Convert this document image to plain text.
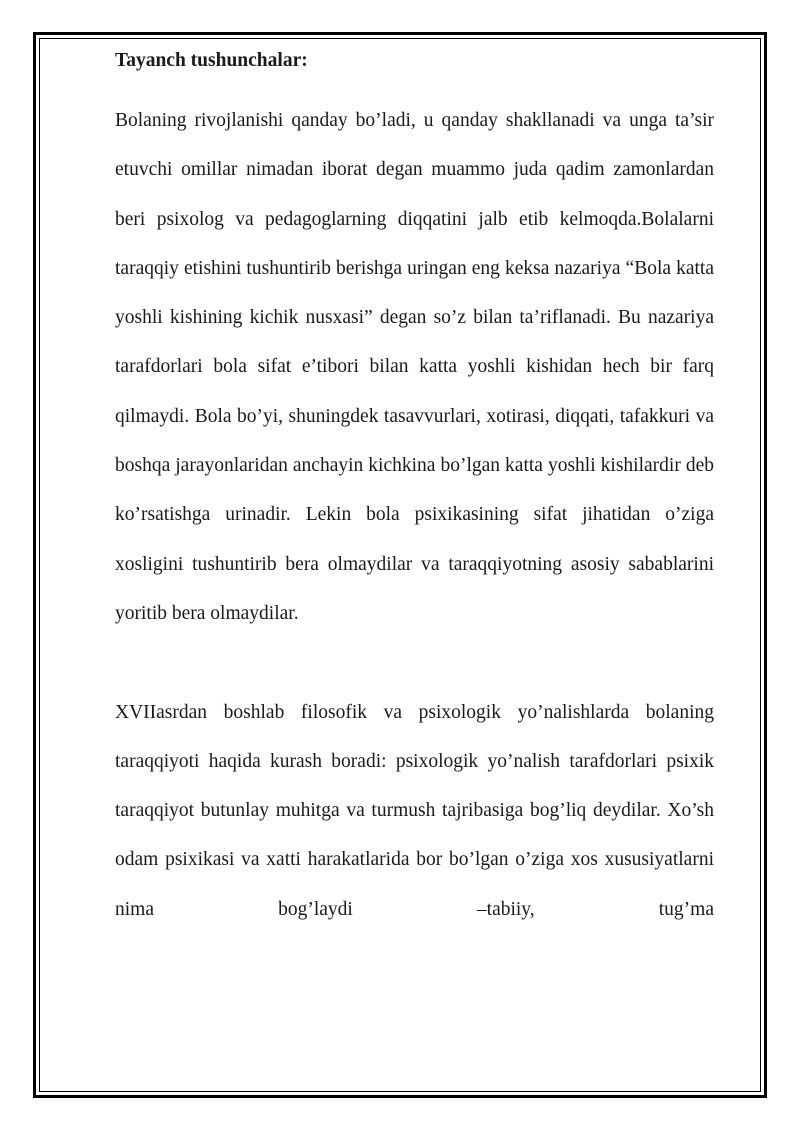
Tayanch tushunchalar:

Bolaning rivojlanishi qanday bo’ladi, u qanday shakllanadi va unga ta’sir etuvchi omillar nimadan iborat degan muammo juda qadim zamonlardan beri psixolog va pedagoglarning diqqatini jalb etib kelmoqda.Bolalarni taraqqiy etishini tushuntirib berishga uringan eng keksa nazariya “Bola katta yoshli kishining kichik nusxasi” degan so’z bilan ta’riflanadi. Bu nazariya tarafdorlari bola sifat e’tibori bilan katta yoshli kishidan hech bir farq qilmaydi. Bola bo’yi, shuningdek tasavvurlari, xotirasi, diqqati, tafakkuri va boshqa jarayonlaridan anchayin kichkina bo’lgan katta yoshli kishilardir deb ko’rsatishga urinadir. Lekin bola psixikasining sifat jihatidan o’ziga xosligini tushuntirib bera olmaydilar va taraqqiyotning asosiy sabablarini yoritib bera olmaydilar.

XVIIasrdan boshlab filosofik va psixologik yo’nalishlarda bolaning taraqqiyoti haqida kurash boradi: psixologik yo’nalish tarafdorlari psixik taraqqiyot butunlay muhitga va turmush tajribasiga bog’liq deydilar. Xo’sh odam psixikasi va xatti harakatlarida bor bo’lgan o’ziga xos xususiyatlarni nima bog’laydi –tabiiy, tug’ma
